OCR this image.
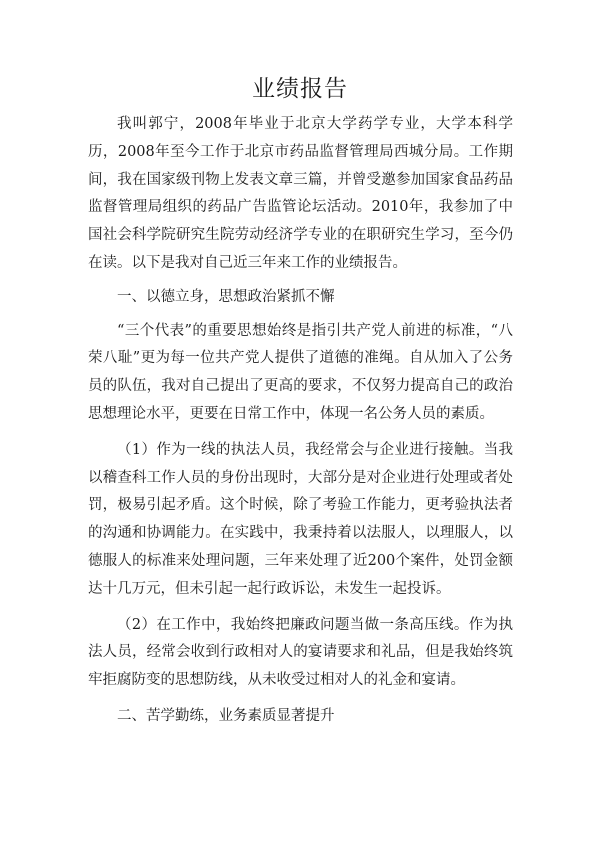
业绩报告

我叫郭宁，2008年毕业于北京大学药学专业，大学本科学历，2008年至今工作于北京市药品监督管理局西城分局。工作期间，我在国家级刊物上发表文章三篇，并曾受邀参加国家食品药品监督管理局组织的药品广告监管论坛活动。2010年，我参加了中国社会科学院研究生院劳动经济学专业的在职研究生学习，至今仍在读。以下是我对自己近三年来工作的业绩报告。

一、以德立身，思想政治紧抓不懈

“三个代表”的重要思想始终是指引共产党人前进的标准，“八荣八耻”更为每一位共产党人提供了道德的准绳。自从加入了公务员的队伍，我对自己提出了更高的要求，不仅努力提高自己的政治思想理论水平，更要在日常工作中，体现一名公务人员的素质。

（1）作为一线的执法人员，我经常会与企业进行接触。当我以稽查科工作人员的身份出现时，大部分是对企业进行处理或者处罚，极易引起矛盾。这个时候，除了考验工作能力，更考验执法者的沟通和协调能力。在实践中，我秉持着以法服人，以理服人，以德服人的标准来处理问题，三年来处理了近200个案件，处罚金额达十几万元，但未引起一起行政诉讼，未发生一起投诉。

（2）在工作中，我始终把廉政问题当做一条高压线。作为执法人员，经常会收到行政相对人的宴请要求和礼品，但是我始终筑牢拒腐防变的思想防线，从未收受过相对人的礼金和宴请。

二、苦学勤练，业务素质显著提升
